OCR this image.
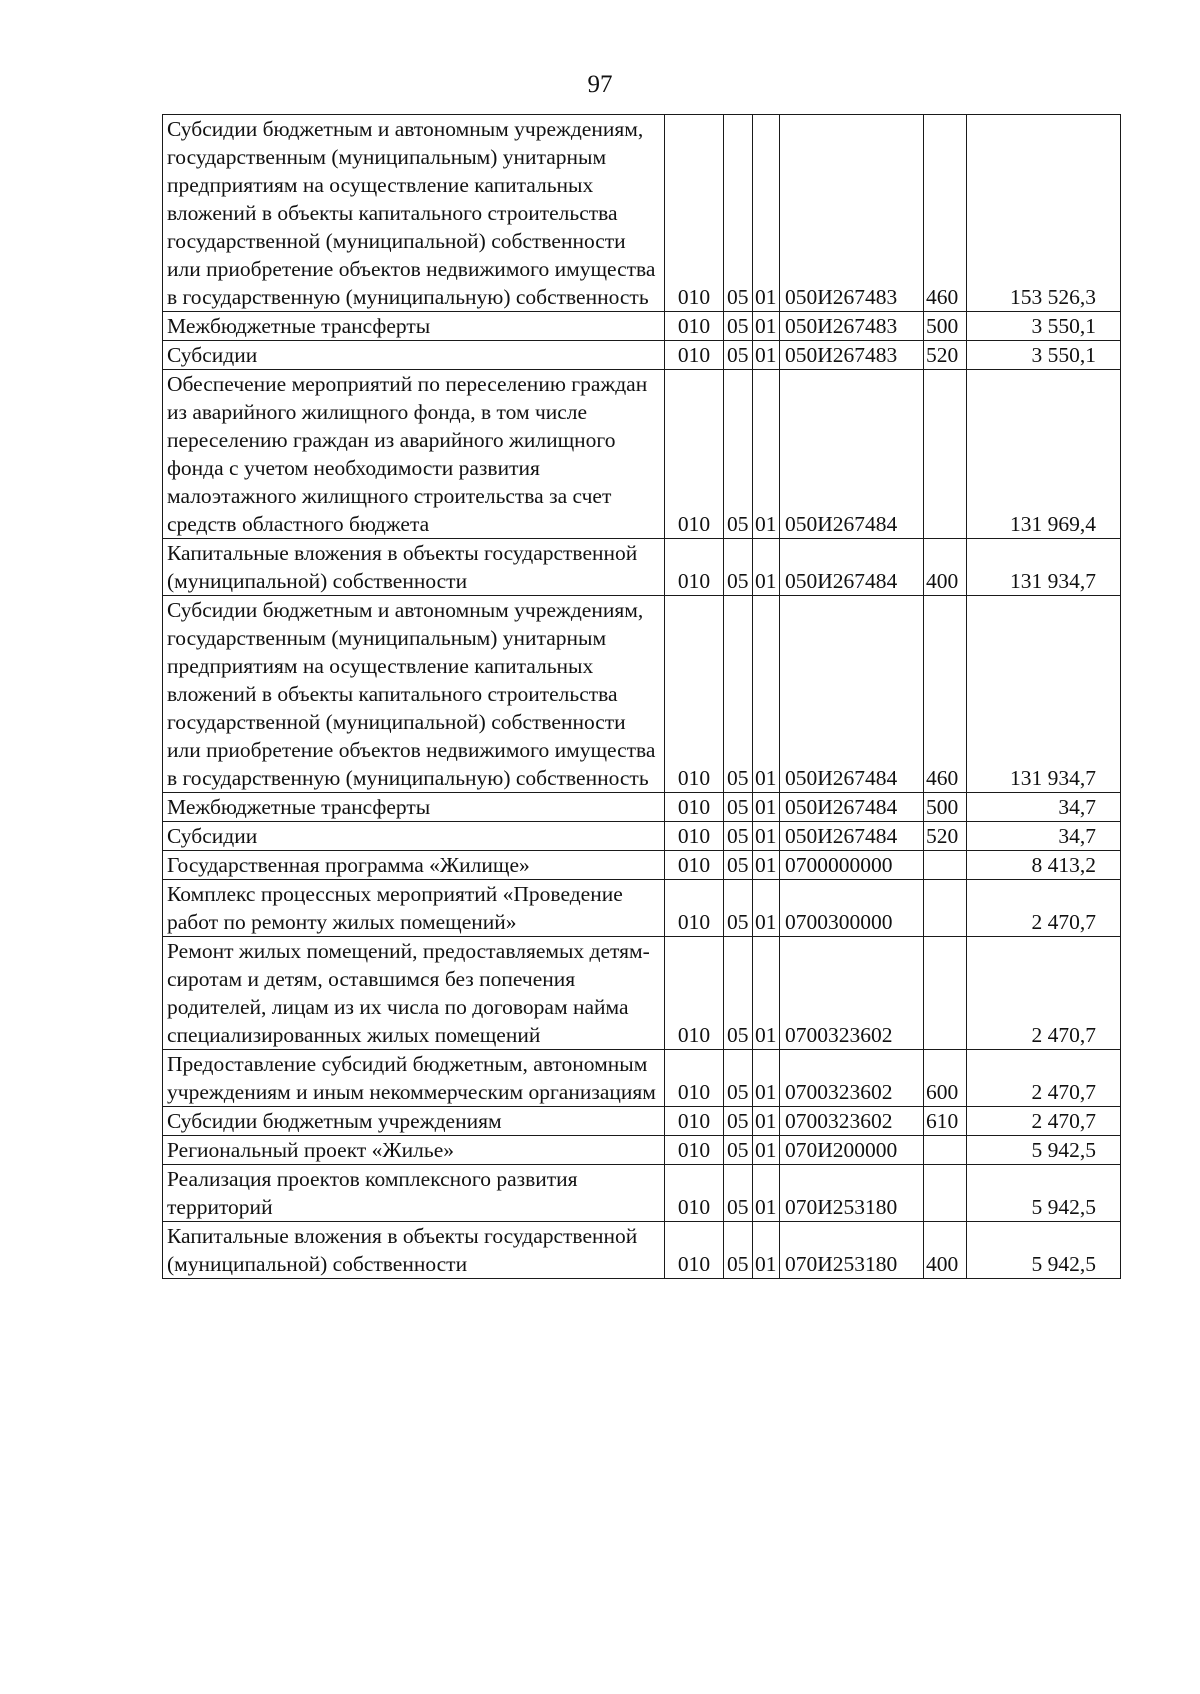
97
Субсидии бюджетным и автономным учреждениям, государственным (муниципальным) унитарным предприятиям на осуществление капитальных вложений в объекты капитального строительства государственной (муниципальной) собственности или приобретение объектов недвижимого имущества в государственную (муниципальную) собственность	010	05	01	050И267483	460	153 526,3
Межбюджетные трансферты	010	05	01	050И267483	500	3 550,1
Субсидии	010	05	01	050И267483	520	3 550,1
Обеспечение мероприятий по переселению граждан из аварийного жилищного фонда, в том числе переселению граждан из аварийного жилищного фонда с учетом необходимости развития малоэтажного жилищного строительства за счет средств областного бюджета	010	05	01	050И267484		131 969,4
Капитальные вложения в объекты государственной (муниципальной) собственности	010	05	01	050И267484	400	131 934,7
Субсидии бюджетным и автономным учреждениям, государственным (муниципальным) унитарным предприятиям на осуществление капитальных вложений в объекты капитального строительства государственной (муниципальной) собственности или приобретение объектов недвижимого имущества в государственную (муниципальную) собственность	010	05	01	050И267484	460	131 934,7
Межбюджетные трансферты	010	05	01	050И267484	500	34,7
Субсидии	010	05	01	050И267484	520	34,7
Государственная программа «Жилище»	010	05	01	0700000000		8 413,2
Комплекс процессных мероприятий «Проведение работ по ремонту жилых помещений»	010	05	01	0700300000		2 470,7
Ремонт жилых помещений, предоставляемых детям-сиротам и детям, оставшимся без попечения родителей, лицам из их числа по договорам найма специализированных жилых помещений	010	05	01	0700323602		2 470,7
Предоставление субсидий бюджетным, автономным учреждениям и иным некоммерческим организациям	010	05	01	0700323602	600	2 470,7
Субсидии бюджетным учреждениям	010	05	01	0700323602	610	2 470,7
Региональный проект «Жилье»	010	05	01	070И200000		5 942,5
Реализация проектов комплексного развития территорий	010	05	01	070И253180		5 942,5
Капитальные вложения в объекты государственной (муниципальной) собственности	010	05	01	070И253180	400	5 942,5
